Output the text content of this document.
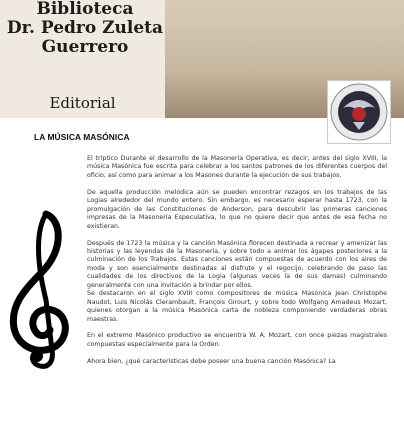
Biblioteca
Dr. Pedro Zuleta
Guerrero
Editorial
LA MÚSICA MASÓNICA

El tríptico Durante el desarrollo de la Masonería Operativa, es decir, antes del siglo XVIII, la música Masónica fue escrita para celebrar a los santos patrones de los diferentes cuerpos del oficio, así como para animar a los Masones durante la ejecución de sus trabajos.

De aquella producción melódica aún se pueden encontrar rezagos en los trabajos de las Logias alrededor del mundo entero. Sin embargo, es necesario esperar hasta 1723, con la promulgación de las Constituciones de Anderson, para descubrir las primeras canciones impresas de la Masonería Especulativa, lo que no quiere decir que antes de esa fecha no existieran.

Después de 1723 la música y la canción Masónica florecen destinada a recrear y amenizar las historias y las leyendas de la Masonería, y sobre todo a animar los ágapes posteriores a la culminación de los Trabajos. Estas canciones están compuestas de acuerdo con los aires de moda y son esencialmente destinadas al disfrute y el regocijo, celebrando de paso las cualidades de los directivos de la Logia (algunas veces la de sus damas) culminando generalmente con una invitación a brindar por ellos.

Se destacaron en el siglo XVIII como compositores de música Masónica Jean Christophe Naudot, Luis Nicolás Clerambault, François Girourt, y sobre todo Wolfgang Amadeus Mozart, quienes otorgan a la música Masónica carta de nobleza componiendo verdaderas obras maestras.

En el extremo Masónico productivo se encuentra W. A. Mozart, con once piezas magistrales compuestas especialmente para la Orden.

Ahora bien, ¿qué características debe poseer una buena canción Masónica? La
